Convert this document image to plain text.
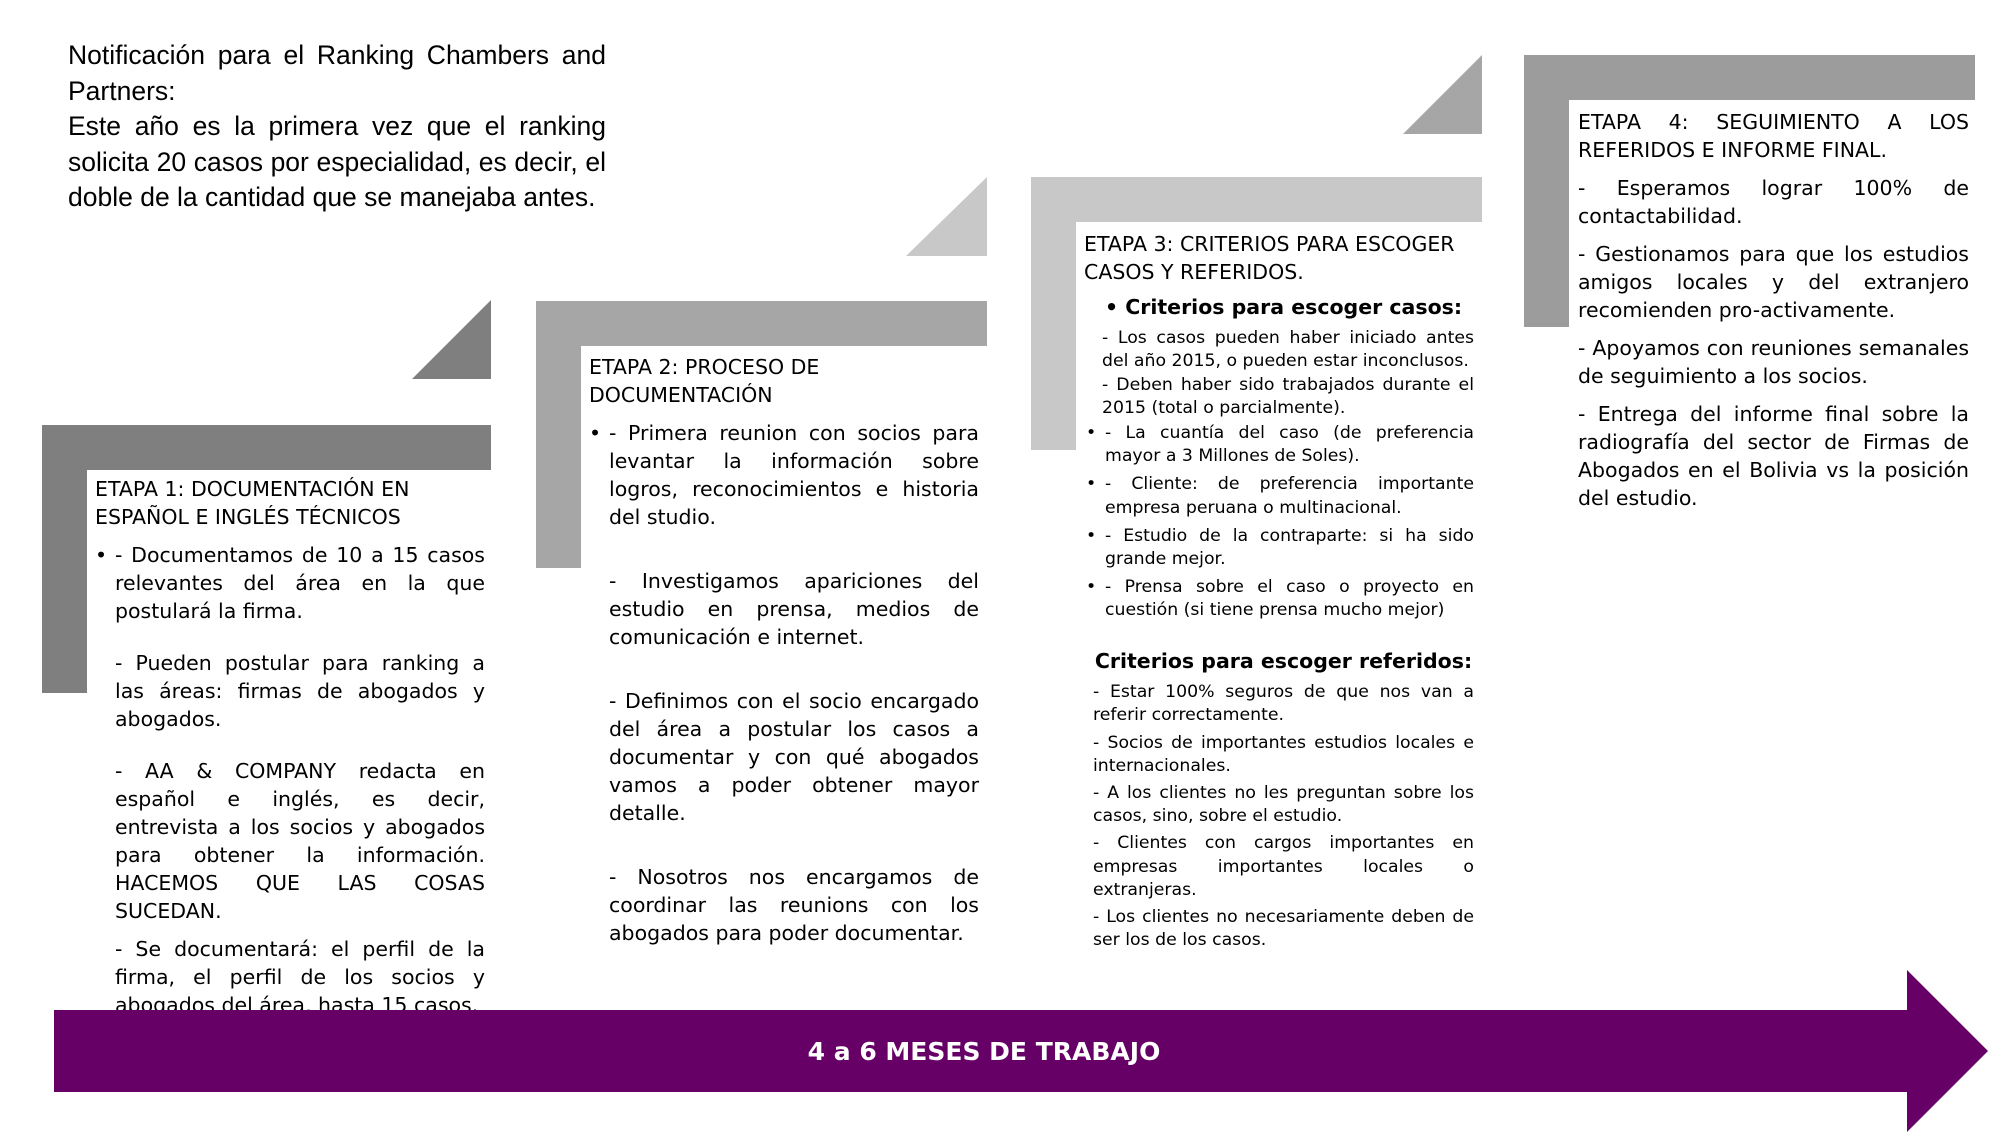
Notificación para el Ranking Chambers and Partners:
Este año es la primera vez que el ranking solicita 20 casos por especialidad, es decir, el doble de la cantidad que se manejaba antes.

ETAPA 1: DOCUMENTACIÓN EN ESPAÑOL E INGLÉS TÉCNICOS

• - Documentamos de 10 a 15 casos relevantes del área en la que postulará la firma.

- Pueden postular para ranking a las áreas: firmas de abogados y abogados.

- AA & COMPANY redacta en español e inglés, es decir, entrevista a los socios y abogados para obtener la información. HACEMOS QUE LAS COSAS SUCEDAN.

- Se documentará: el perfil de la firma, el perfil de los socios y abogados del área, hasta 15 casos.

ETAPA 2: PROCESO DE DOCUMENTACIÓN

• - Primera reunion con socios para levantar la información sobre logros, reconocimientos e historia del studio.

- Investigamos apariciones del estudio en prensa, medios de comunicación e internet.

- Definimos con el socio encargado del área a postular los casos a documentar y con qué abogados vamos a poder obtener mayor detalle.

- Nosotros nos encargamos de coordinar las reunions con los abogados para poder documentar.

ETAPA 3: CRITERIOS PARA ESCOGER CASOS Y REFERIDOS.

• Criterios para escoger casos:

- Los casos pueden haber iniciado antes del año 2015, o pueden estar inconclusos.

- Deben haber sido trabajados durante el 2015 (total o parcialmente).

• - La cuantía del caso (de preferencia mayor a 3 Millones de Soles).

• - Cliente: de preferencia importante empresa peruana o multinacional.

• - Estudio de la contraparte: si ha sido grande mejor.

• - Prensa sobre el caso o proyecto en cuestión (si tiene prensa mucho mejor)

Criterios para escoger referidos:

- Estar 100% seguros de que nos van a referir correctamente.

- Socios de importantes estudios locales e internacionales.

- A los clientes no les preguntan sobre los casos, sino, sobre el estudio.

- Clientes con cargos importantes en empresas importantes locales o extranjeras.

- Los clientes no necesariamente deben de ser los de los casos.

ETAPA 4: SEGUIMIENTO A LOS REFERIDOS E INFORME FINAL.

- Esperamos lograr 100% de contactabilidad.

- Gestionamos para que los estudios amigos locales y del extranjero recomienden pro-activamente.

- Apoyamos con reuniones semanales de seguimiento a los socios.

- Entrega del informe final sobre la radiografía del sector de Firmas de Abogados en el Bolivia vs la posición del estudio.

4 a 6 MESES DE TRABAJO
